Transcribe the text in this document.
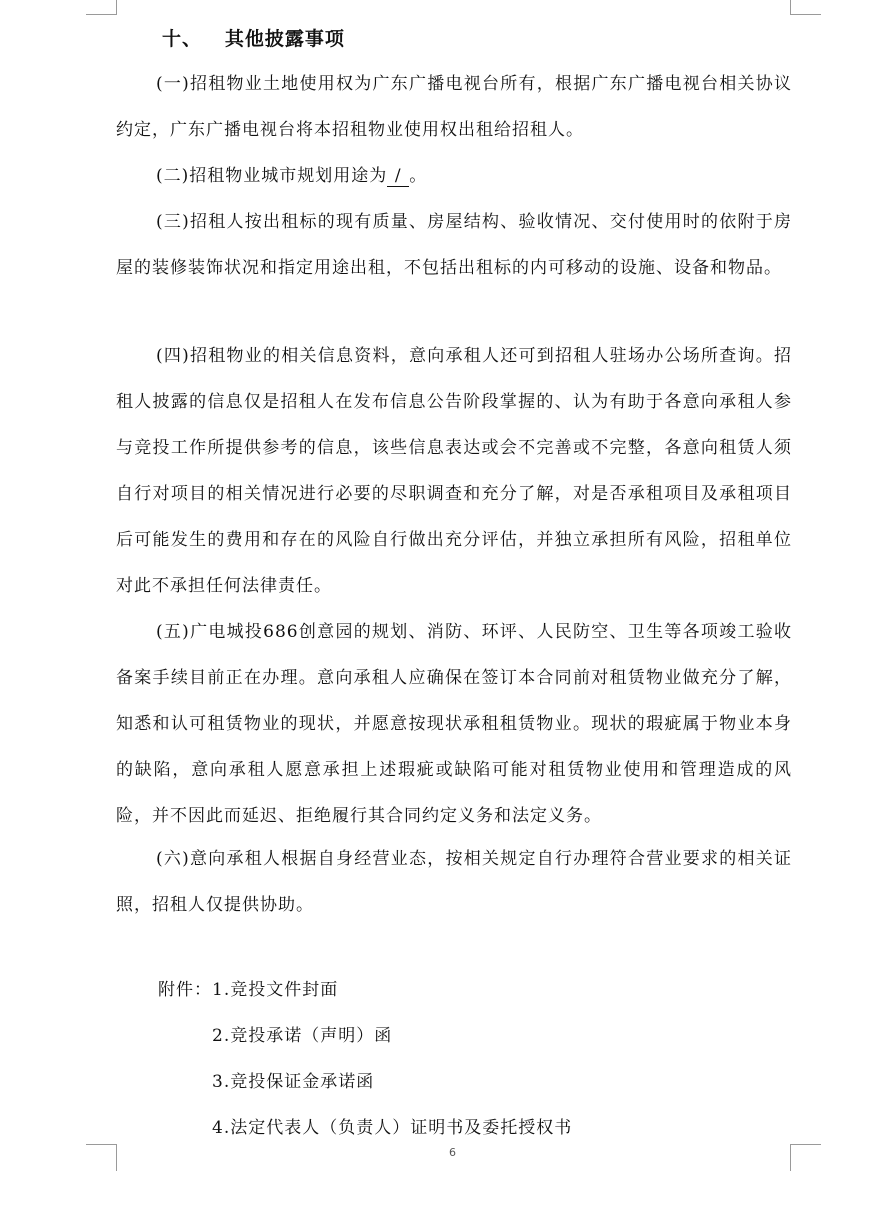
十、   其他披露事项

(一)招租物业土地使用权为广东广播电视台所有，根据广东广播电视台相关协议约定，广东广播电视台将本招租物业使用权出租给招租人。

(二)招租物业城市规划用途为 / 。

(三)招租人按出租标的现有质量、房屋结构、验收情况、交付使用时的依附于房屋的装修装饰状况和指定用途出租，不包括出租标的内可移动的设施、设备和物品。

(四)招租物业的相关信息资料，意向承租人还可到招租人驻场办公场所查询。招租人披露的信息仅是招租人在发布信息公告阶段掌握的、认为有助于各意向承租人参与竞投工作所提供参考的信息，该些信息表达或会不完善或不完整，各意向租赁人须自行对项目的相关情况进行必要的尽职调查和充分了解，对是否承租项目及承租项目后可能发生的费用和存在的风险自行做出充分评估，并独立承担所有风险，招租单位对此不承担任何法律责任。

(五)广电城投686创意园的规划、消防、环评、人民防空、卫生等各项竣工验收备案手续目前正在办理。意向承租人应确保在签订本合同前对租赁物业做充分了解，知悉和认可租赁物业的现状，并愿意按现状承租租赁物业。现状的瑕疵属于物业本身的缺陷，意向承租人愿意承担上述瑕疵或缺陷可能对租赁物业使用和管理造成的风险，并不因此而延迟、拒绝履行其合同约定义务和法定义务。

(六)意向承租人根据自身经营业态，按相关规定自行办理符合营业要求的相关证照，招租人仅提供协助。

附件： 1.竞投文件封面
2.竞投承诺（声明）函
3.竞投保证金承诺函
4.法定代表人（负责人）证明书及委托授权书
6
